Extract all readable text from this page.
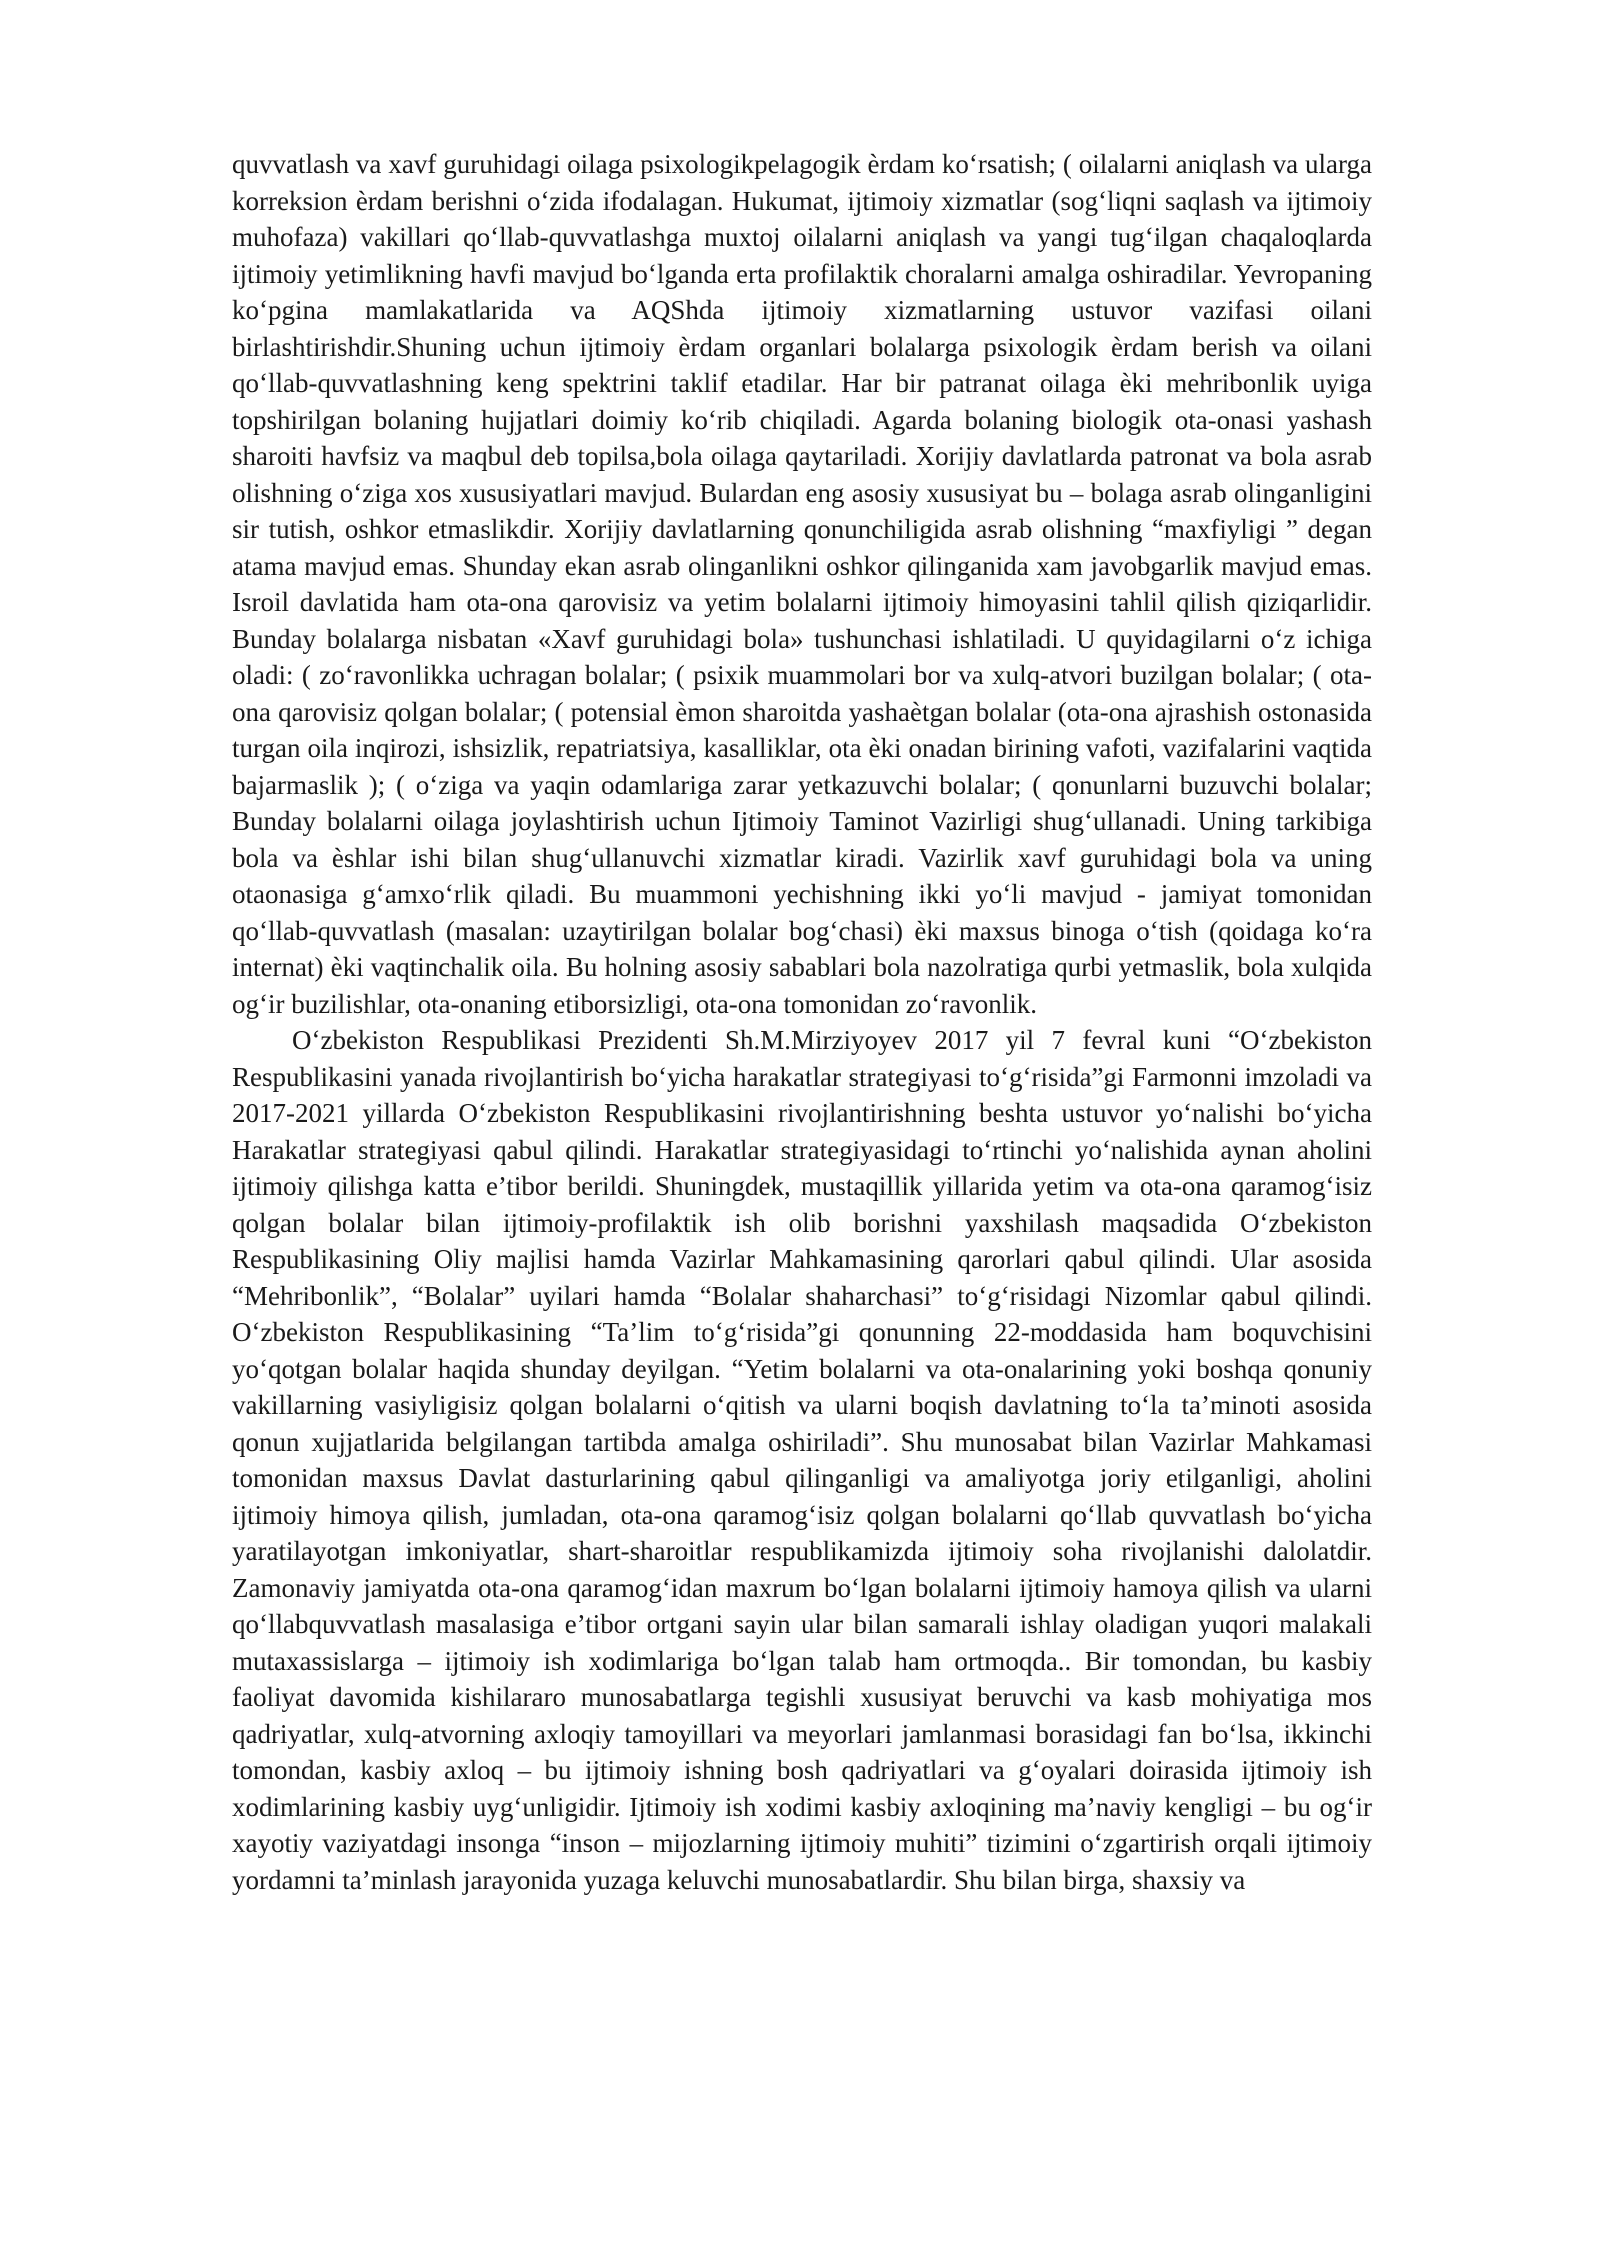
quvvatlash va xavf guruhidagi oilaga psixologikpelagogik èrdam ko‘rsatish; ( oilalarni aniqlash va ularga korreksion èrdam berishni o‘zida ifodalagan. Hukumat, ijtimoiy xizmatlar (sog‘liqni saqlash va ijtimoiy muhofaza) vakillari qo‘llab-quvvatlashga muxtoj oilalarni aniqlash va yangi tug‘ilgan chaqaloqlarda ijtimoiy yetimlikning havfi mavjud bo‘lganda erta profilaktik choralarni amalga oshiradilar. Yevropaning ko‘pgina mamlakatlarida va AQShda ijtimoiy xizmatlarning ustuvor vazifasi oilani birlashtirishdir.Shuning uchun ijtimoiy èrdam organlari bolalarga psixologik èrdam berish va oilani qo‘llab-quvvatlashning keng spektrini taklif etadilar. Har bir patranat oilaga èki mehribonlik uyiga topshirilgan bolaning hujjatlari doimiy ko‘rib chiqiladi. Agarda bolaning biologik ota-onasi yashash sharoiti havfsiz va maqbul deb topilsa,bola oilaga qaytariladi. Xorijiy davlatlarda patronat va bola asrab olishning o‘ziga xos xususiyatlari mavjud. Bulardan eng asosiy xususiyat bu – bolaga asrab olinganligini sir tutish, oshkor etmaslikdir. Xorijiy davlatlarning qonunchiligida asrab olishning “maxfiyligi ” degan atama mavjud emas. Shunday ekan asrab olinganlikni oshkor qilinganida xam javobgarlik mavjud emas. Isroil davlatida ham ota-ona qarovisiz va yetim bolalarni ijtimoiy himoyasini tahlil qilish qiziqarlidir. Bunday bolalarga nisbatan «Xavf guruhidagi bola» tushunchasi ishlatiladi. U quyidagilarni o‘z ichiga oladi: ( zo‘ravonlikka uchragan bolalar; ( psixik muammolari bor va xulq-atvori buzilgan bolalar; ( ota-ona qarovisiz qolgan bolalar; ( potensial èmon sharoitda yashaètgan bolalar (ota-ona ajrashish ostonasida turgan oila inqirozi, ishsizlik, repatriatsiya, kasalliklar, ota èki onadan birining vafoti, vazifalarini vaqtida bajarmaslik ); ( o‘ziga va yaqin odamlariga zarar yetkazuvchi bolalar; ( qonunlarni buzuvchi bolalar; Bunday bolalarni oilaga joylashtirish uchun Ijtimoiy Taminot Vazirligi shug‘ullanadi. Uning tarkibiga bola va èshlar ishi bilan shug‘ullanuvchi xizmatlar kiradi. Vazirlik xavf guruhidagi bola va uning otaonasiga g‘amxo‘rlik qiladi. Bu muammoni yechishning ikki yo‘li mavjud - jamiyat tomonidan qo‘llab-quvvatlash (masalan: uzaytirilgan bolalar bog‘chasi) èki maxsus binoga o‘tish (qoidaga ko‘ra internat) èki vaqtinchalik oila. Bu holning asosiy sabablari bola nazolratiga qurbi yetmaslik, bola xulqida og‘ir buzilishlar, ota-onaning etiborsizligi, ota-ona tomonidan zo‘ravonlik.

O‘zbekiston Respublikasi Prezidenti Sh.M.Mirziyoyev 2017 yil 7 fevral kuni “O‘zbekiston Respublikasini yanada rivojlantirish bo‘yicha harakatlar strategiyasi to‘g‘risida”gi Farmonni imzoladi va 2017-2021 yillarda O‘zbekiston Respublikasini rivojlantirishning beshta ustuvor yo‘nalishi bo‘yicha Harakatlar strategiyasi qabul qilindi. Harakatlar strategiyasidagi to‘rtinchi yo‘nalishida aynan aholini ijtimoiy qilishga katta e’tibor berildi. Shuningdek, mustaqillik yillarida yetim va ota-ona qaramog‘isiz qolgan bolalar bilan ijtimoiy-profilaktik ish olib borishni yaxshilash maqsadida O‘zbekiston Respublikasining Oliy majlisi hamda Vazirlar Mahkamasining qarorlari qabul qilindi. Ular asosida “Mehribonlik”, “Bolalar” uyilari hamda “Bolalar shaharchasi” to‘g‘risidagi Nizomlar qabul qilindi. O‘zbekiston Respublikasining “Ta’lim to‘g‘risida”gi qonunning 22-moddasida ham boquvchisini yo‘qotgan bolalar haqida shunday deyilgan. “Yetim bolalarni va ota-onalarining yoki boshqa qonuniy vakillarning vasiyligisiz qolgan bolalarni o‘qitish va ularni boqish davlatning to‘la ta’minoti asosida qonun xujjatlarida belgilangan tartibda amalga oshiriladi”. Shu munosabat bilan Vazirlar Mahkamasi tomonidan maxsus Davlat dasturlarining qabul qilinganligi va amaliyotga joriy etilganligi, aholini ijtimoiy himoya qilish, jumladan, ota-ona qaramog‘isiz qolgan bolalarni qo‘llab quvvatlash bo‘yicha yaratilayotgan imkoniyatlar, shart-sharoitlar respublikamizda ijtimoiy soha rivojlanishi dalolatdir. Zamonaviy jamiyatda ota-ona qaramog‘idan maxrum bo‘lgan bolalarni ijtimoiy hamoya qilish va ularni qo‘llabquvvatlash masalasiga e’tibor ortgani sayin ular bilan samarali ishlay oladigan yuqori malakali mutaxassislarga – ijtimoiy ish xodimlariga bo‘lgan talab ham ortmoqda.. Bir tomondan, bu kasbiy faoliyat davomida kishilararo munosabatlarga tegishli xususiyat beruvchi va kasb mohiyatiga mos qadriyatlar, xulq-atvorning axloqiy tamoyillari va meyorlari jamlanmasi borasidagi fan bo‘lsa, ikkinchi tomondan, kasbiy axloq – bu ijtimoiy ishning bosh qadriyatlari va g‘oyalari doirasida ijtimoiy ish xodimlarining kasbiy uyg‘unligidir. Ijtimoiy ish xodimi kasbiy axloqining ma’naviy kengligi – bu og‘ir xayotiy vaziyatdagi insonga “inson – mijozlarning ijtimoiy muhiti” tizimini o‘zgartirish orqali ijtimoiy yordamni ta’minlash jarayonida yuzaga keluvchi munosabatlardir. Shu bilan birga, shaxsiy va
